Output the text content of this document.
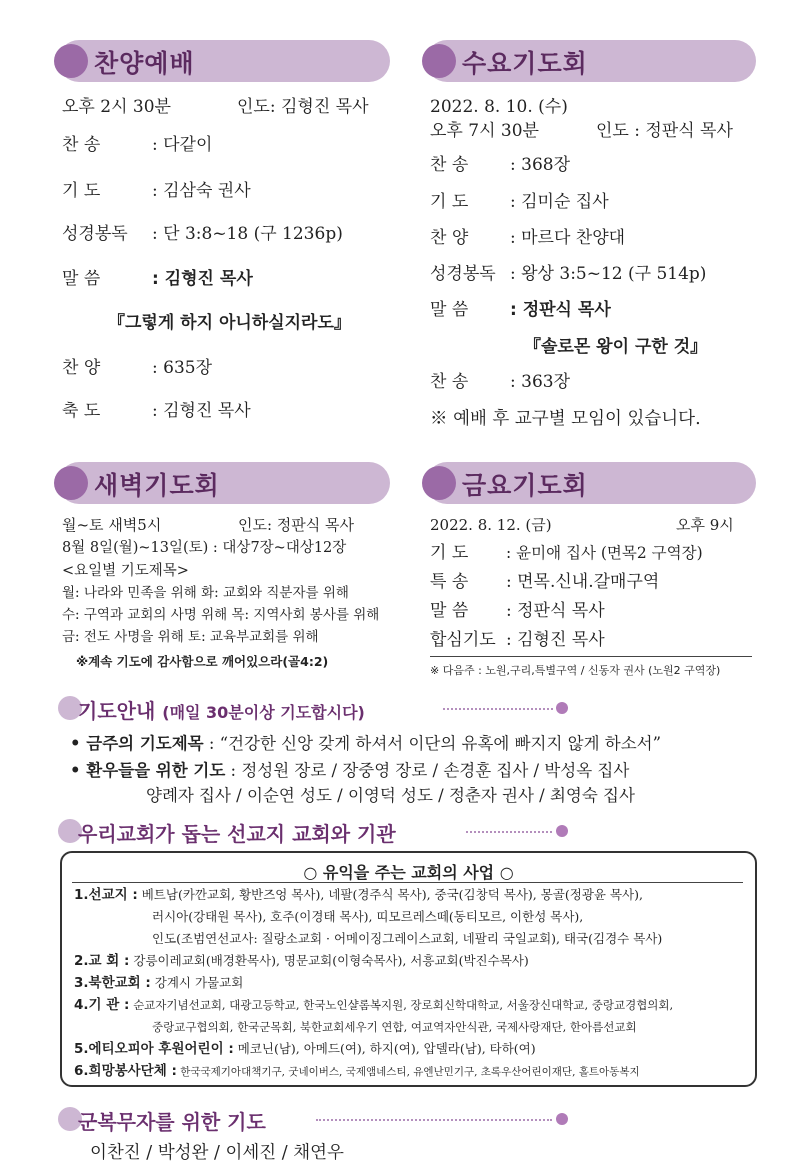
찬양예배
오후 2시 30분	인도: 김형진 목사
찬 송	: 다같이
기 도	: 김삼숙 권사
성경봉독 : 단 3:8~18 (구 1236p)
말 씀	: 김형진 목사
『그렇게 하지 아니하실지라도』
찬 양	: 635장
축 도	: 김형진 목사
수요기도회
2022. 8. 10. (수)
오후 7시 30분	인도 : 정판식 목사
찬 송 : 368장
기 도 : 김미순 집사
찬 양 : 마르다 찬양대
성경봉독 : 왕상 3:5~12 (구 514p)
말 씀 : 정판식 목사
『솔로몬 왕이 구한 것』
찬 송 : 363장
※ 예배 후 교구별 모임이 있습니다.
새벽기도회
월~토 새벽5시	인도: 정판식 목사
8월 8일(월)~13일(토) : 대상7장~대상12장
<요일별 기도제목>
월: 나라와 민족을 위해 화: 교회와 직분자를 위해
수: 구역과 교회의 사명 위해 목: 지역사회 봉사를 위해
금: 전도 사명을 위해 토: 교육부교회를 위해
※계속 기도에 감사함으로 깨어있으라(골4:2)
금요기도회
2022. 8. 12. (금)	오후 9시
기 도 : 윤미애 집사 (면목2 구역장)
특 송 : 면목.신내.갈매구역
말 씀 : 정판식 목사
합심기도 : 김형진 목사
※ 다음주 : 노원,구리,특별구역 / 신동자 권사 (노원2 구역장)
기도안내 (매일 30분이상 기도합시다)
• 금주의 기도제목 : “건강한 신앙 갖게 하셔서 이단의 유혹에 빠지지 않게 하소서”
• 환우들을 위한 기도 : 정성원 장로 / 장중영 장로 / 손경훈 집사 / 박성옥 집사
양례자 집사 / 이순연 성도 / 이영덕 성도 / 정춘자 권사 / 최영숙 집사
우리교회가 돕는 선교지 교회와 기관
○ 유익을 주는 교회의 사업 ○
1.선교지 : 베트남(카깐교회, 황반즈엉 목사), 네팔(경주식 목사), 중국(김창덕 목사), 몽골(정광윤 목사),
러시아(강태원 목사), 호주(이경태 목사), 띠모르레스떼(동티모르, 이한성 목사),
인도(조범연선교사: 질랑소교회 · 어메이징그레이스교회, 네팔리 국일교회), 태국(김경수 목사)
2.교 회 : 강릉이레교회(배경환목사), 명문교회(이형숙목사), 서흥교회(박진수목사)
3.북한교회 : 강계시 가물교회
4.기 관 : 순교자기념선교회, 대광고등학교, 한국노인샬롬복지원, 장로회신학대학교, 서울장신대학교, 중랑교경협의회,
중랑교구협의회, 한국군목회, 북한교회세우기 연합, 여교역자안식관, 국제사랑재단, 한아름선교회
5.에티오피아 후원어린이 : 메코닌(남), 아메드(여), 하지(여), 압델라(남), 타하(여)
6.희망봉사단체 : 한국국제기아대책기구, 굿네이버스, 국제앰네스티, 유엔난민기구, 초록우산어린이재단, 홀트아동복지
군복무자를 위한 기도
이찬진 / 박성완 / 이세진 / 채연우
